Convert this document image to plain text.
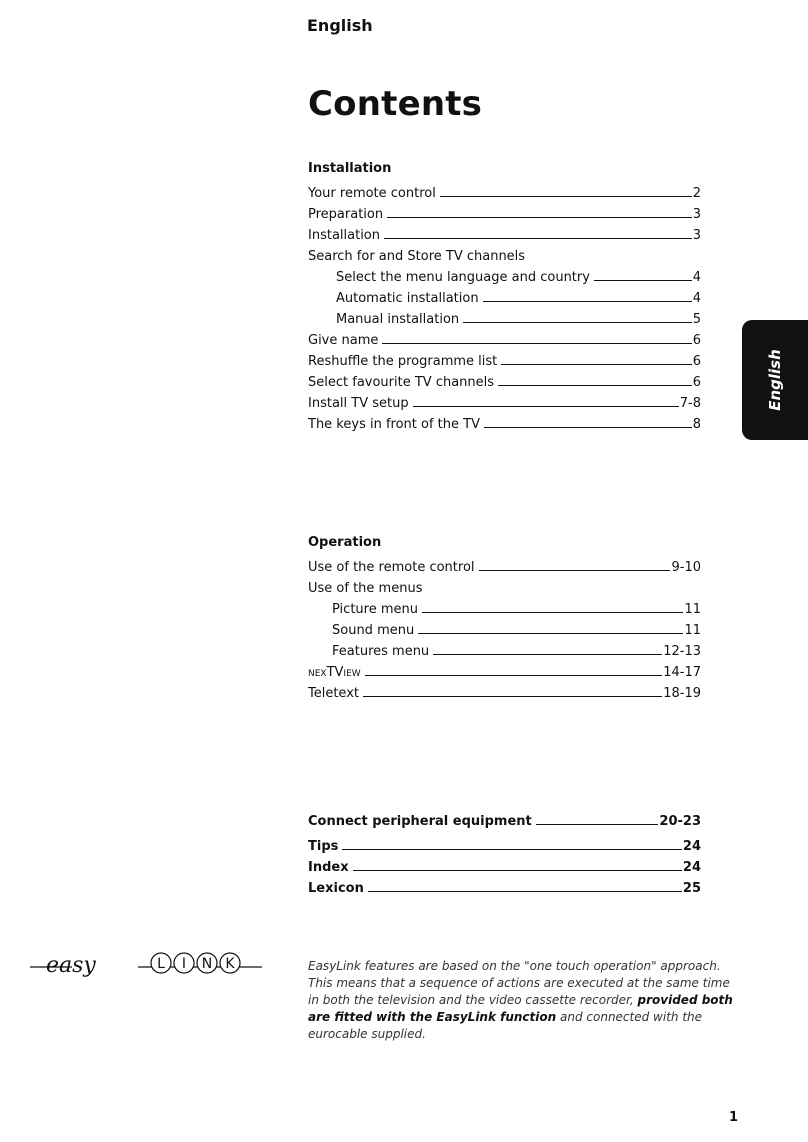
English
Contents
Installation
Your remote control	2
Preparation	3
Installation	3
Search for and Store TV channels
Select the menu language and country	4
Automatic installation	4
Manual installation	5
Give name	6
Reshuffle the programme list	6
Select favourite TV channels	6
Install TV setup	7-8
The keys in front of the TV	8
English
Operation
Use of the remote control	9-10
Use of the menus
Picture menu	11
Sound menu	11
Features menu	12-13
nexTView	14-17
Teletext	18-19
Connect peripheral equipment	20-23
Tips	24
Index	24
Lexicon	25
easy	L I N K	EasyLink features are based on the "one touch operation" approach. This means that a sequence of actions are executed at the same time in both the television and the video cassette recorder, provided both are fitted with the EasyLink function and connected with the eurocable supplied.
1
